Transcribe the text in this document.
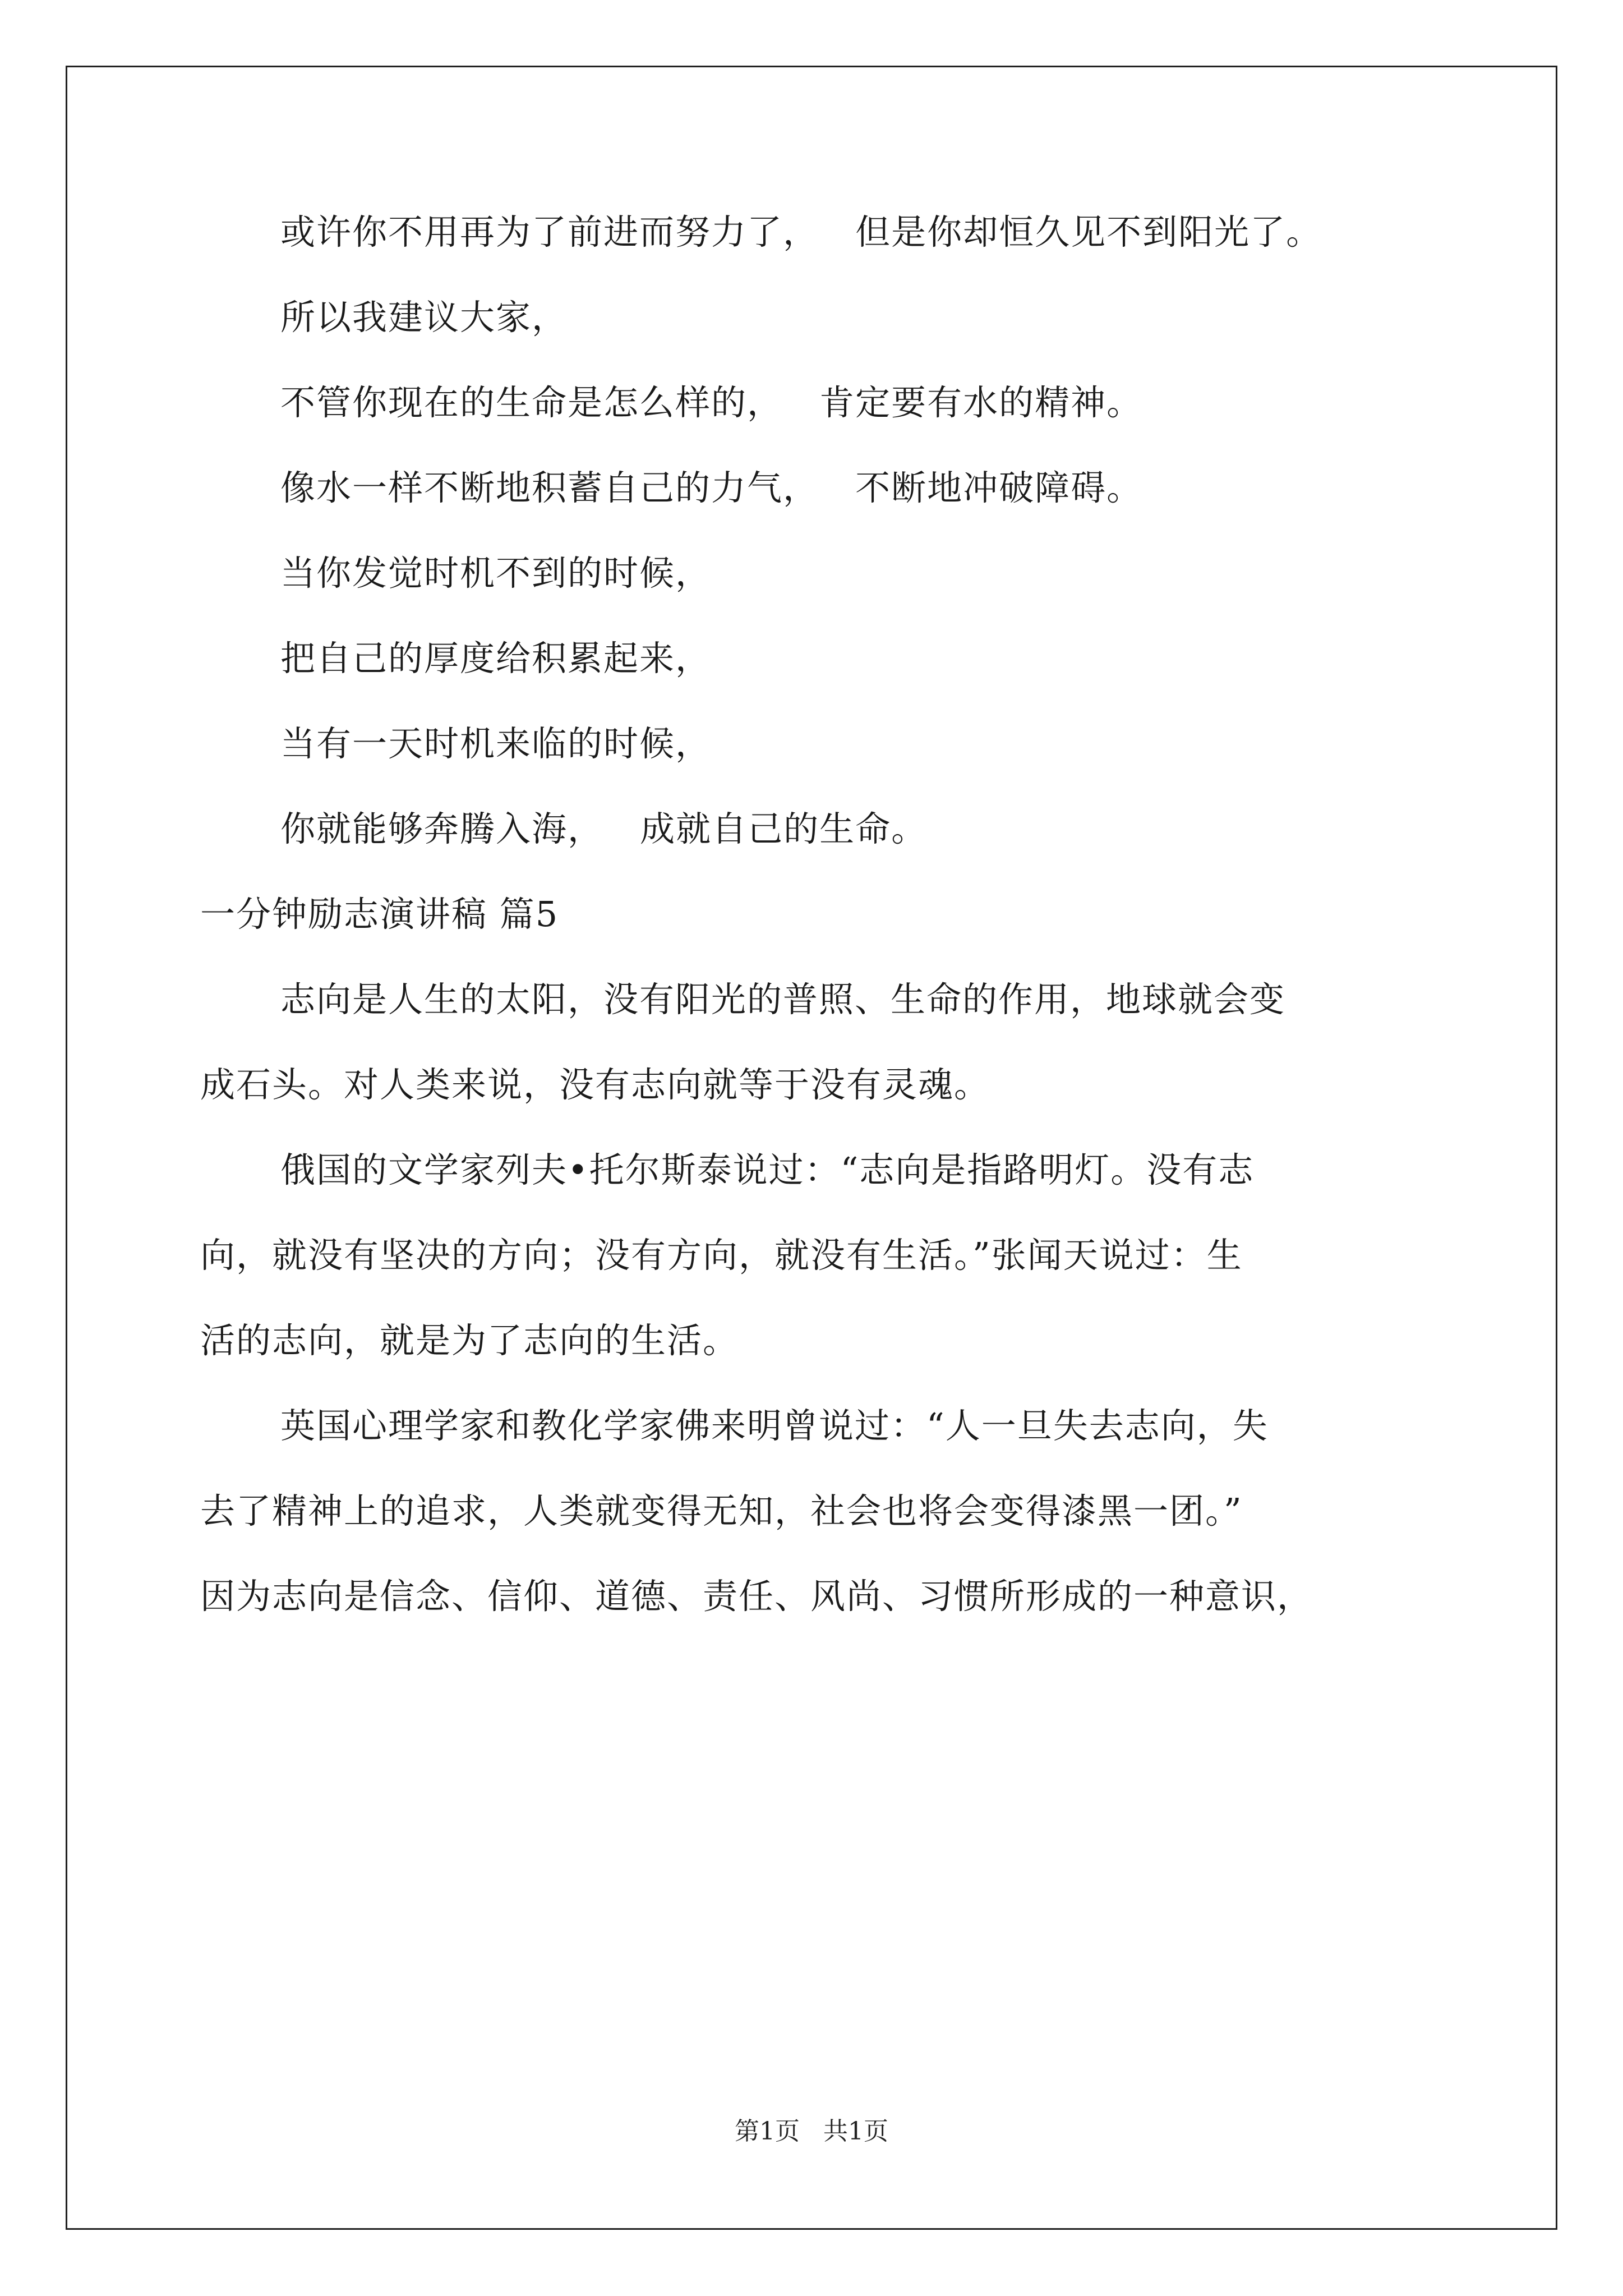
或许你不用再为了前进而努力了，   但是你却恒久见不到阳光了。
所以我建议大家，
不管你现在的生命是怎么样的，   肯定要有水的精神。
像水一样不断地积蓄自己的力气，   不断地冲破障碍。
当你发觉时机不到的时候，
把自己的厚度给积累起来，
当有一天时机来临的时候，
你就能够奔腾入海，   成就自己的生命。
一分钟励志演讲稿 篇5
志向是人生的太阳，没有阳光的普照、生命的作用，地球就会变
成石头。对人类来说，没有志向就等于没有灵魂。
俄国的文学家列夫•托尔斯泰说过：“志向是指路明灯。没有志
向，就没有坚决的方向；没有方向，就没有生活。”张闻天说过：生
活的志向，就是为了志向的生活。
英国心理学家和教化学家佛来明曾说过：“人一旦失去志向，失
去了精神上的追求，人类就变得无知，社会也将会变得漆黑一团。”
因为志向是信念、信仰、道德、责任、风尚、习惯所形成的一种意识，
第1页   共1页
